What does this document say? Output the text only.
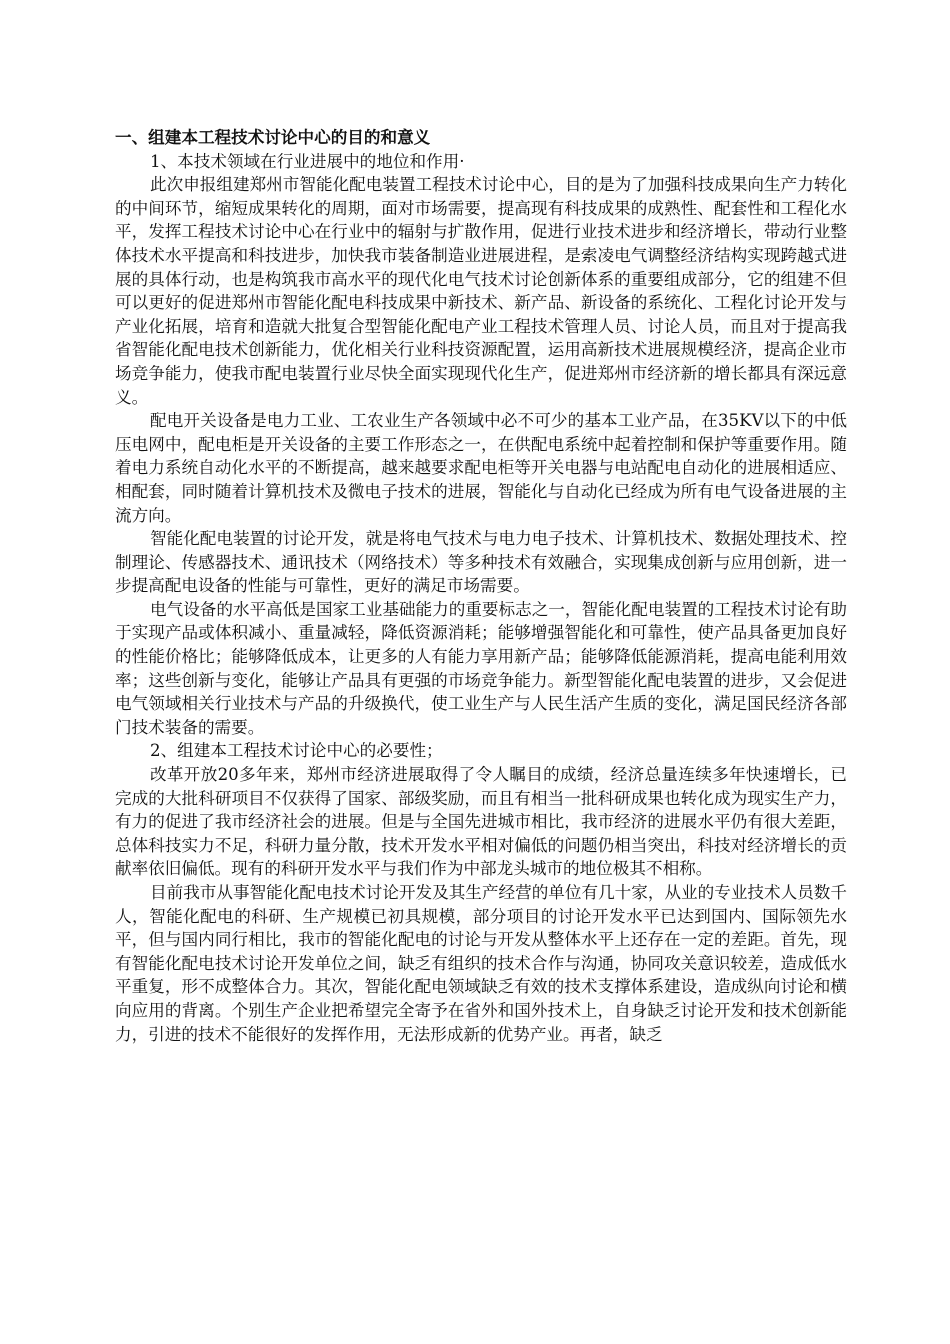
一、组建本工程技术讨论中心的目的和意义

1、本技术领域在行业进展中的地位和作用·

此次申报组建郑州市智能化配电装置工程技术讨论中心，目的是为了加强科技成果向生产力转化的中间环节，缩短成果转化的周期，面对市场需要，提高现有科技成果的成熟性、配套性和工程化水平，发挥工程技术讨论中心在行业中的辐射与扩散作用，促进行业技术进步和经济增长，带动行业整体技术水平提高和科技进步，加快我市装备制造业进展进程，是索凌电气调整经济结构实现跨越式进展的具体行动，也是构筑我市高水平的现代化电气技术讨论创新体系的重要组成部分，它的组建不但可以更好的促进郑州市智能化配电科技成果中新技术、新产品、新设备的系统化、工程化讨论开发与产业化拓展，培育和造就大批复合型智能化配电产业工程技术管理人员、讨论人员，而且对于提高我省智能化配电技术创新能力，优化相关行业科技资源配置，运用高新技术进展规模经济，提高企业市场竞争能力，使我市配电装置行业尽快全面实现现代化生产，促进郑州市经济新的增长都具有深远意义。

配电开关设备是电力工业、工农业生产各领域中必不可少的基本工业产品，在35KV以下的中低压电网中，配电柜是开关设备的主要工作形态之一，在供配电系统中起着控制和保护等重要作用。随着电力系统自动化水平的不断提高，越来越要求配电柜等开关电器与电站配电自动化的进展相适应、相配套，同时随着计算机技术及微电子技术的进展，智能化与自动化已经成为所有电气设备进展的主流方向。

智能化配电装置的讨论开发，就是将电气技术与电力电子技术、计算机技术、数据处理技术、控制理论、传感器技术、通讯技术（网络技术）等多种技术有效融合，实现集成创新与应用创新，进一步提高配电设备的性能与可靠性，更好的满足市场需要。

电气设备的水平高低是国家工业基础能力的重要标志之一，智能化配电装置的工程技术讨论有助于实现产品或体积减小、重量减轻，降低资源消耗；能够增强智能化和可靠性，使产品具备更加良好的性能价格比；能够降低成本，让更多的人有能力享用新产品；能够降低能源消耗，提高电能利用效率；这些创新与变化，能够让产品具有更强的市场竞争能力。新型智能化配电装置的进步，又会促进电气领域相关行业技术与产品的升级换代，使工业生产与人民生活产生质的变化，满足国民经济各部门技术装备的需要。

2、组建本工程技术讨论中心的必要性；

改革开放20多年来，郑州市经济进展取得了令人瞩目的成绩，经济总量连续多年快速增长，已完成的大批科研项目不仅获得了国家、部级奖励，而且有相当一批科研成果也转化成为现实生产力，有力的促进了我市经济社会的进展。但是与全国先进城市相比，我市经济的进展水平仍有很大差距，总体科技实力不足，科研力量分散，技术开发水平相对偏低的问题仍相当突出，科技对经济增长的贡献率依旧偏低。现有的科研开发水平与我们作为中部龙头城市的地位极其不相称。

目前我市从事智能化配电技术讨论开发及其生产经营的单位有几十家，从业的专业技术人员数千人，智能化配电的科研、生产规模已初具规模，部分项目的讨论开发水平已达到国内、国际领先水平，但与国内同行相比，我市的智能化配电的讨论与开发从整体水平上还存在一定的差距。首先，现有智能化配电技术讨论开发单位之间，缺乏有组织的技术合作与沟通，协同攻关意识较差，造成低水平重复，形不成整体合力。其次，智能化配电领域缺乏有效的技术支撑体系建设，造成纵向讨论和横向应用的背离。个别生产企业把希望完全寄予在省外和国外技术上，自身缺乏讨论开发和技术创新能力，引进的技术不能很好的发挥作用，无法形成新的优势产业。再者，缺乏
